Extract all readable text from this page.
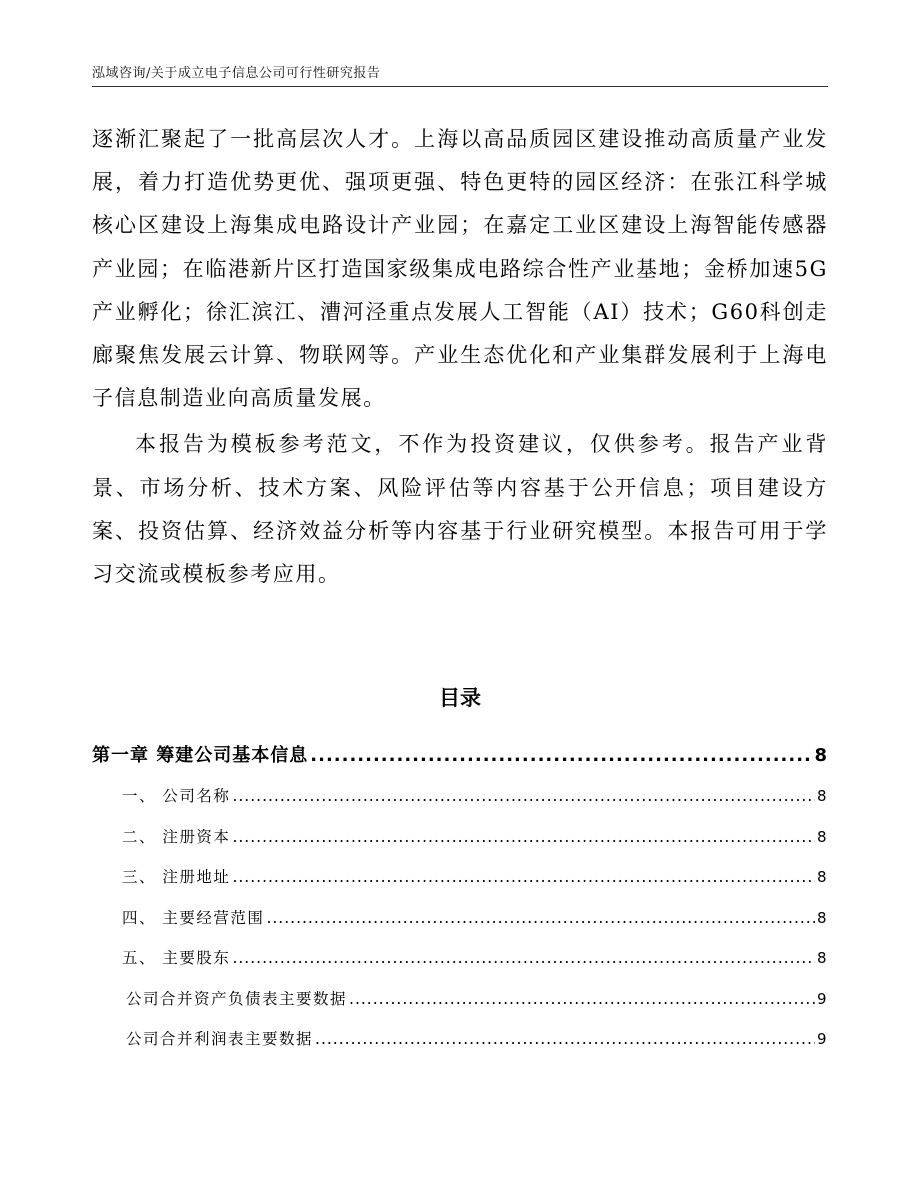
泓域咨询/关于成立电子信息公司可行性研究报告

逐渐汇聚起了一批高层次人才。上海以高品质园区建设推动高质量产业发展，着力打造优势更优、强项更强、特色更特的园区经济：在张江科学城核心区建设上海集成电路设计产业园；在嘉定工业区建设上海智能传感器产业园；在临港新片区打造国家级集成电路综合性产业基地；金桥加速5G产业孵化；徐汇滨江、漕河泾重点发展人工智能（AI）技术；G60科创走廊聚焦发展云计算、物联网等。产业生态优化和产业集群发展利于上海电子信息制造业向高质量发展。

本报告为模板参考范文，不作为投资建议，仅供参考。报告产业背景、市场分析、技术方案、风险评估等内容基于公开信息；项目建设方案、投资估算、经济效益分析等内容基于行业研究模型。本报告可用于学习交流或模板参考应用。

目录
第一章 筹建公司基本信息 .....	8
一、 公司名称 .....	8
二、 注册资本 .....	8
三、 注册地址 .....	8
四、 主要经营范围 .....	8
五、 主要股东 .....	8
公司合并资产负债表主要数据 .....	9
公司合并利润表主要数据 .....	9
